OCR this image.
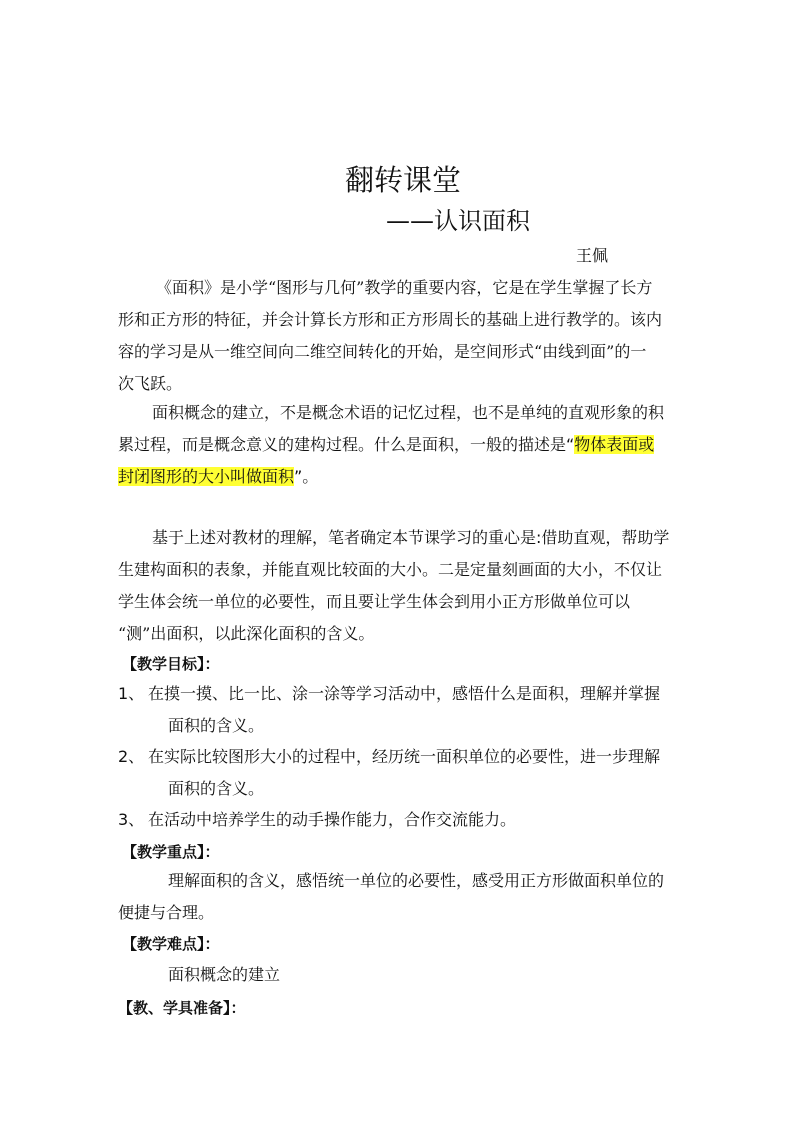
翻转课堂
——认识面积
王佩
《面积》是小学“图形与几何”教学的重要内容，它是在学生掌握了长方
形和正方形的特征，并会计算长方形和正方形周长的基础上进行教学的。该内
容的学习是从一维空间向二维空间转化的开始，是空间形式“由线到面”的一
次飞跃。
面积概念的建立，不是概念术语的记忆过程，也不是单纯的直观形象的积
累过程，而是概念意义的建构过程。什么是面积，一般的描述是“物体表面或
封闭图形的大小叫做面积”。
基于上述对教材的理解，笔者确定本节课学习的重心是:借助直观，帮助学
生建构面积的表象，并能直观比较面的大小。二是定量刻画面的大小，不仅让
学生体会统一单位的必要性，而且要让学生体会到用小正方形做单位可以
“测”出面积，以此深化面积的含义。
【教学目标】：
1、 在摸一摸、比一比、涂一涂等学习活动中，感悟什么是面积，理解并掌握
面积的含义。
2、 在实际比较图形大小的过程中，经历统一面积单位的必要性，进一步理解
面积的含义。
3、 在活动中培养学生的动手操作能力，合作交流能力。
【教学重点】：
理解面积的含义，感悟统一单位的必要性，感受用正方形做面积单位的
便捷与合理。
【教学难点】：
面积概念的建立
【教、学具准备】：
